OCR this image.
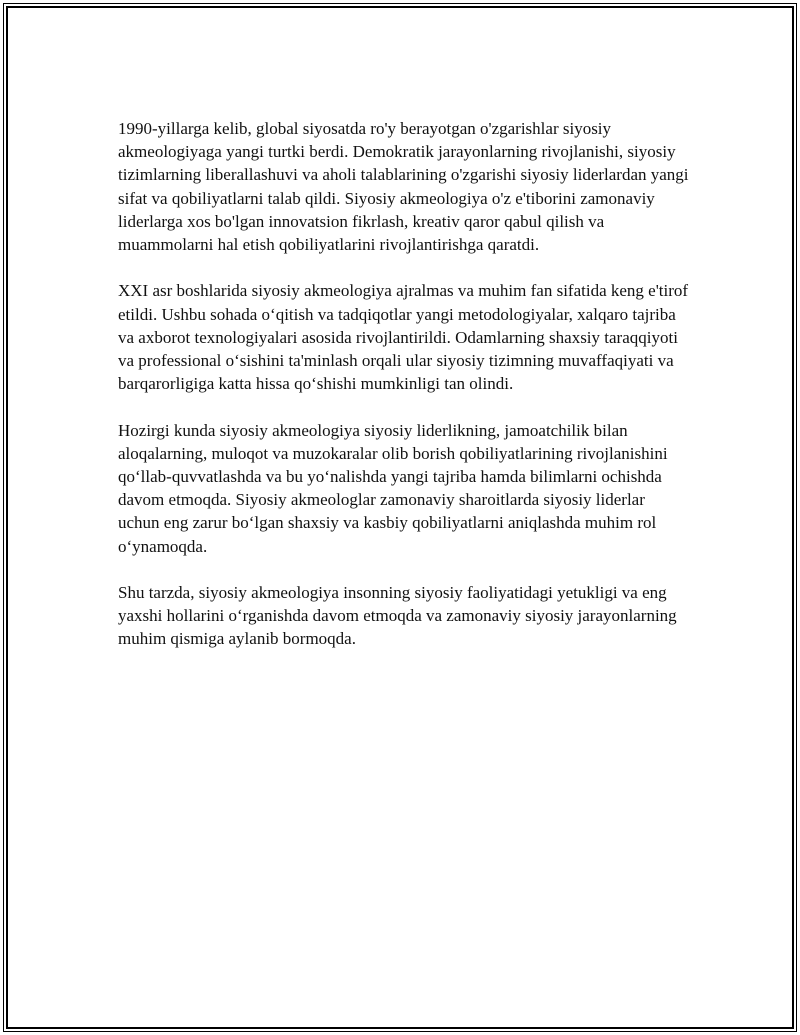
1990-yillarga kelib, global siyosatda ro'y berayotgan o'zgarishlar siyosiy akmeologiyaga yangi turtki berdi. Demokratik jarayonlarning rivojlanishi, siyosiy tizimlarning liberallashuvi va aholi talablarining o'zgarishi siyosiy liderlardan yangi sifat va qobiliyatlarni talab qildi. Siyosiy akmeologiya o'z e'tiborini zamonaviy liderlarga xos bo'lgan innovatsion fikrlash, kreativ qaror qabul qilish va muammolarni hal etish qobiliyatlarini rivojlantirishga qaratdi.

XXI asr boshlarida siyosiy akmeologiya ajralmas va muhim fan sifatida keng e'tirof etildi. Ushbu sohada o‘qitish va tadqiqotlar yangi metodologiyalar, xalqaro tajriba va axborot texnologiyalari asosida rivojlantirildi. Odamlarning shaxsiy taraqqiyoti va professional o‘sishini ta'minlash orqali ular siyosiy tizimning muvaffaqiyati va barqarorligiga katta hissa qo‘shishi mumkinligi tan olindi.

Hozirgi kunda siyosiy akmeologiya siyosiy liderlikning, jamoatchilik bilan aloqalarning, muloqot va muzokaralar olib borish qobiliyatlarining rivojlanishini qo‘llab-quvvatlashda va bu yo‘nalishda yangi tajriba hamda bilimlarni ochishda davom etmoqda. Siyosiy akmeologlar zamonaviy sharoitlarda siyosiy liderlar uchun eng zarur bo‘lgan shaxsiy va kasbiy qobiliyatlarni aniqlashda muhim rol o‘ynamoqda.

Shu tarzda, siyosiy akmeologiya insonning siyosiy faoliyatidagi yetukligi va eng yaxshi hollarini o‘rganishda davom etmoqda va zamonaviy siyosiy jarayonlarning muhim qismiga aylanib bormoqda.
